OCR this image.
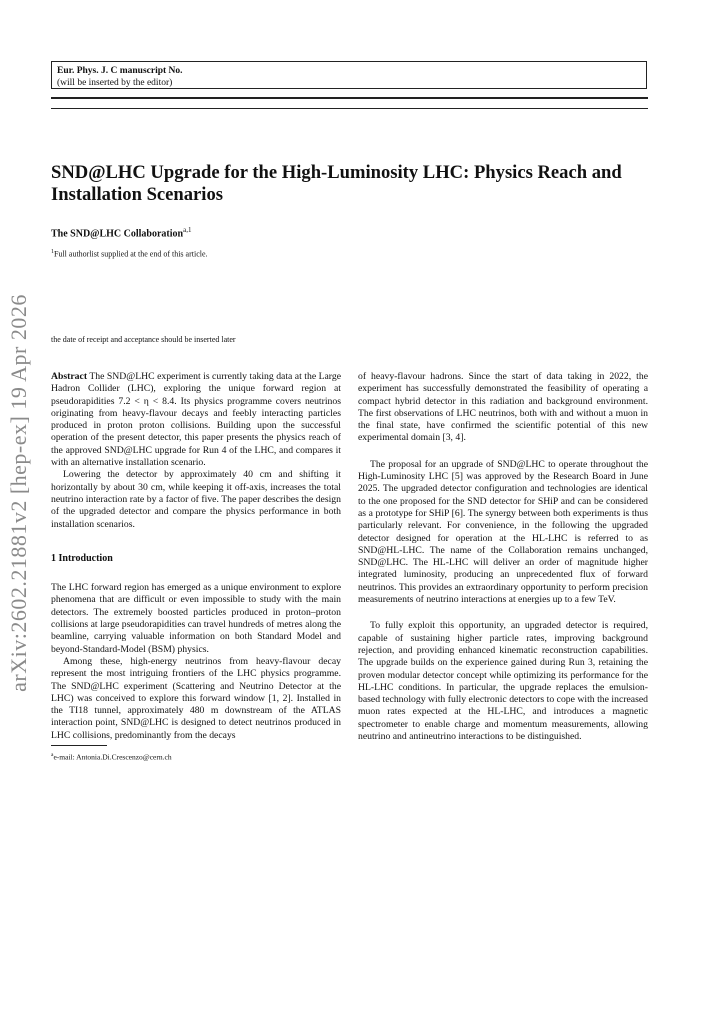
Eur. Phys. J. C manuscript No.
(will be inserted by the editor)
SND@LHC Upgrade for the High-Luminosity LHC: Physics Reach and Installation Scenarios
The SND@LHC Collaboration$^{a,1}$
$^1$Full authorlist supplied at the end of this article.
the date of receipt and acceptance should be inserted later
arXiv:2602.21881v2 [hep-ex] 19 Apr 2026	Abstract The SND@LHC experiment is currently taking data at the Large Hadron Collider (LHC), exploring the unique forward region at pseudorapidities 7.2 < η < 8.4. Its physics programme covers neutrinos originating from heavy-flavour decays and feebly interacting particles produced in proton proton collisions. Building upon the successful operation of the present detector, this paper presents the physics reach of the approved SND@LHC upgrade for Run 4 of the LHC, and compares it with an alternative installation scenario.

Lowering the detector by approximately 40 cm and shifting it horizontally by about 30 cm, while keeping it off-axis, increases the total neutrino interaction rate by a factor of five. The paper describes the design of the upgraded detector and compare the physics performance in both installation scenarios.

1 Introduction

The LHC forward region has emerged as a unique environment to explore phenomena that are difficult or even impossible to study with the main detectors. The extremely boosted particles produced in proton–proton collisions at large pseudorapidities can travel hundreds of metres along the beamline, carrying valuable information on both Standard Model and beyond-Standard-Model (BSM) physics.

Among these, high-energy neutrinos from heavy-flavour decay represent the most intriguing frontiers of the LHC physics programme. The SND@LHC experiment (Scattering and Neutrino Detector at the LHC) was conceived to explore this forward window [1, 2]. Installed in the TI18 tunnel, approximately 480 m downstream of the ATLAS interaction point, SND@LHC is designed to detect neutrinos produced in LHC collisions, predominantly from the decays

$^a$e-mail: Antonia.Di.Crescenzo@cern.ch

of heavy-flavour hadrons. Since the start of data taking in 2022, the experiment has successfully demonstrated the feasibility of operating a compact hybrid detector in this radiation and background environment. The first observations of LHC neutrinos, both with and without a muon in the final state, have confirmed the scientific potential of this new experimental domain [3, 4].

The proposal for an upgrade of SND@LHC to operate throughout the High-Luminosity LHC [5] was approved by the Research Board in June 2025. The upgraded detector configuration and technologies are identical to the one proposed for the SND detector for SHiP and can be considered as a prototype for SHiP [6]. The synergy between both experiments is thus particularly relevant. For convenience, in the following the upgraded detector designed for operation at the HL-LHC is referred to as SND@HL-LHC. The name of the Collaboration remains unchanged, SND@LHC. The HL-LHC will deliver an order of magnitude higher integrated luminosity, producing an unprecedented flux of forward neutrinos. This provides an extraordinary opportunity to perform precision measurements of neutrino interactions at energies up to a few TeV.

To fully exploit this opportunity, an upgraded detector is required, capable of sustaining higher particle rates, improving background rejection, and providing enhanced kinematic reconstruction capabilities. The upgrade builds on the experience gained during Run 3, retaining the proven modular detector concept while optimizing its performance for the HL-LHC conditions. In particular, the upgrade replaces the emulsion-based technology with fully electronic detectors to cope with the increased muon rates expected at the HL-LHC, and introduces a magnetic spectrometer to enable charge and momentum measurements, allowing neutrino and antineutrino interactions to be distinguished.
